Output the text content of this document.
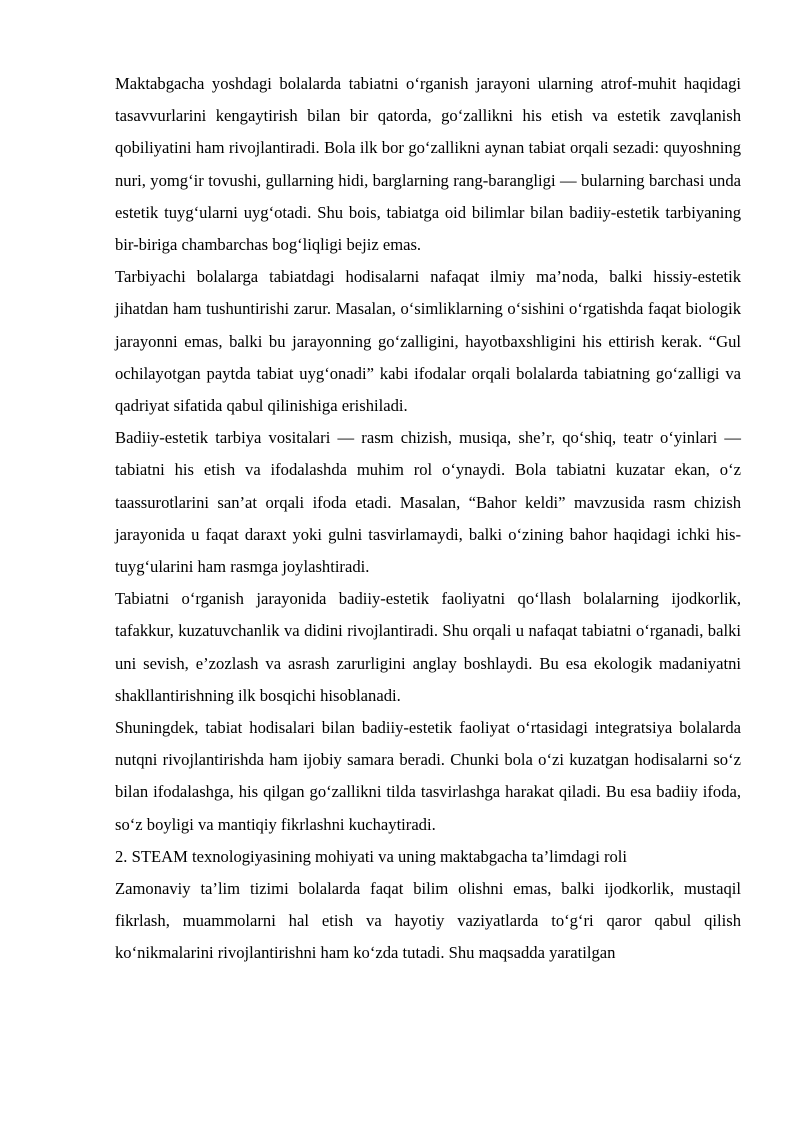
Maktabgacha yoshdagi bolalarda tabiatni o‘rganish jarayoni ularning atrof-muhit haqidagi tasavvurlarini kengaytirish bilan bir qatorda, go‘zallikni his etish va estetik zavqlanish qobiliyatini ham rivojlantiradi. Bola ilk bor go‘zallikni aynan tabiat orqali sezadi: quyoshning nuri, yomg‘ir tovushi, gullarning hidi, barglarning rang-barangligi — bularning barchasi unda estetik tuyg‘ularni uyg‘otadi. Shu bois, tabiatga oid bilimlar bilan badiiy-estetik tarbiyaning bir-biriga chambarchas bog‘liqligi bejiz emas.

Tarbiyachi bolalarga tabiatdagi hodisalarni nafaqat ilmiy ma’noda, balki hissiy-estetik jihatdan ham tushuntirishi zarur. Masalan, o‘simliklarning o‘sishini o‘rgatishda faqat biologik jarayonni emas, balki bu jarayonning go‘zalligini, hayotbaxshligini his ettirish kerak. “Gul ochilayotgan paytda tabiat uyg‘onadi” kabi ifodalar orqali bolalarda tabiatning go‘zalligi va qadriyat sifatida qabul qilinishiga erishiladi.

Badiiy-estetik tarbiya vositalari — rasm chizish, musiqa, she’r, qo‘shiq, teatr o‘yinlari — tabiatni his etish va ifodalashda muhim rol o‘ynaydi. Bola tabiatni kuzatar ekan, o‘z taassurotlarini san’at orqali ifoda etadi. Masalan, “Bahor keldi” mavzusida rasm chizish jarayonida u faqat daraxt yoki gulni tasvirlamaydi, balki o‘zining bahor haqidagi ichki his-tuyg‘ularini ham rasmga joylashtiradi.

Tabiatni o‘rganish jarayonida badiiy-estetik faoliyatni qo‘llash bolalarning ijodkorlik, tafakkur, kuzatuvchanlik va didini rivojlantiradi. Shu orqali u nafaqat tabiatni o‘rganadi, balki uni sevish, e’zozlash va asrash zarurligini anglay boshlaydi. Bu esa ekologik madaniyatni shakllantirishning ilk bosqichi hisoblanadi.

Shuningdek, tabiat hodisalari bilan badiiy-estetik faoliyat o‘rtasidagi integratsiya bolalarda nutqni rivojlantirishda ham ijobiy samara beradi. Chunki bola o‘zi kuzatgan hodisalarni so‘z bilan ifodalashga, his qilgan go‘zallikni tilda tasvirlashga harakat qiladi. Bu esa badiiy ifoda, so‘z boyligi va mantiqiy fikrlashni kuchaytiradi.

2. STEAM texnologiyasining mohiyati va uning maktabgacha ta’limdagi roli

Zamonaviy ta’lim tizimi bolalarda faqat bilim olishni emas, balki ijodkorlik, mustaqil fikrlash, muammolarni hal etish va hayotiy vaziyatlarda to‘g‘ri qaror qabul qilish ko‘nikmalarini rivojlantirishni ham ko‘zda tutadi. Shu maqsadda yaratilgan
